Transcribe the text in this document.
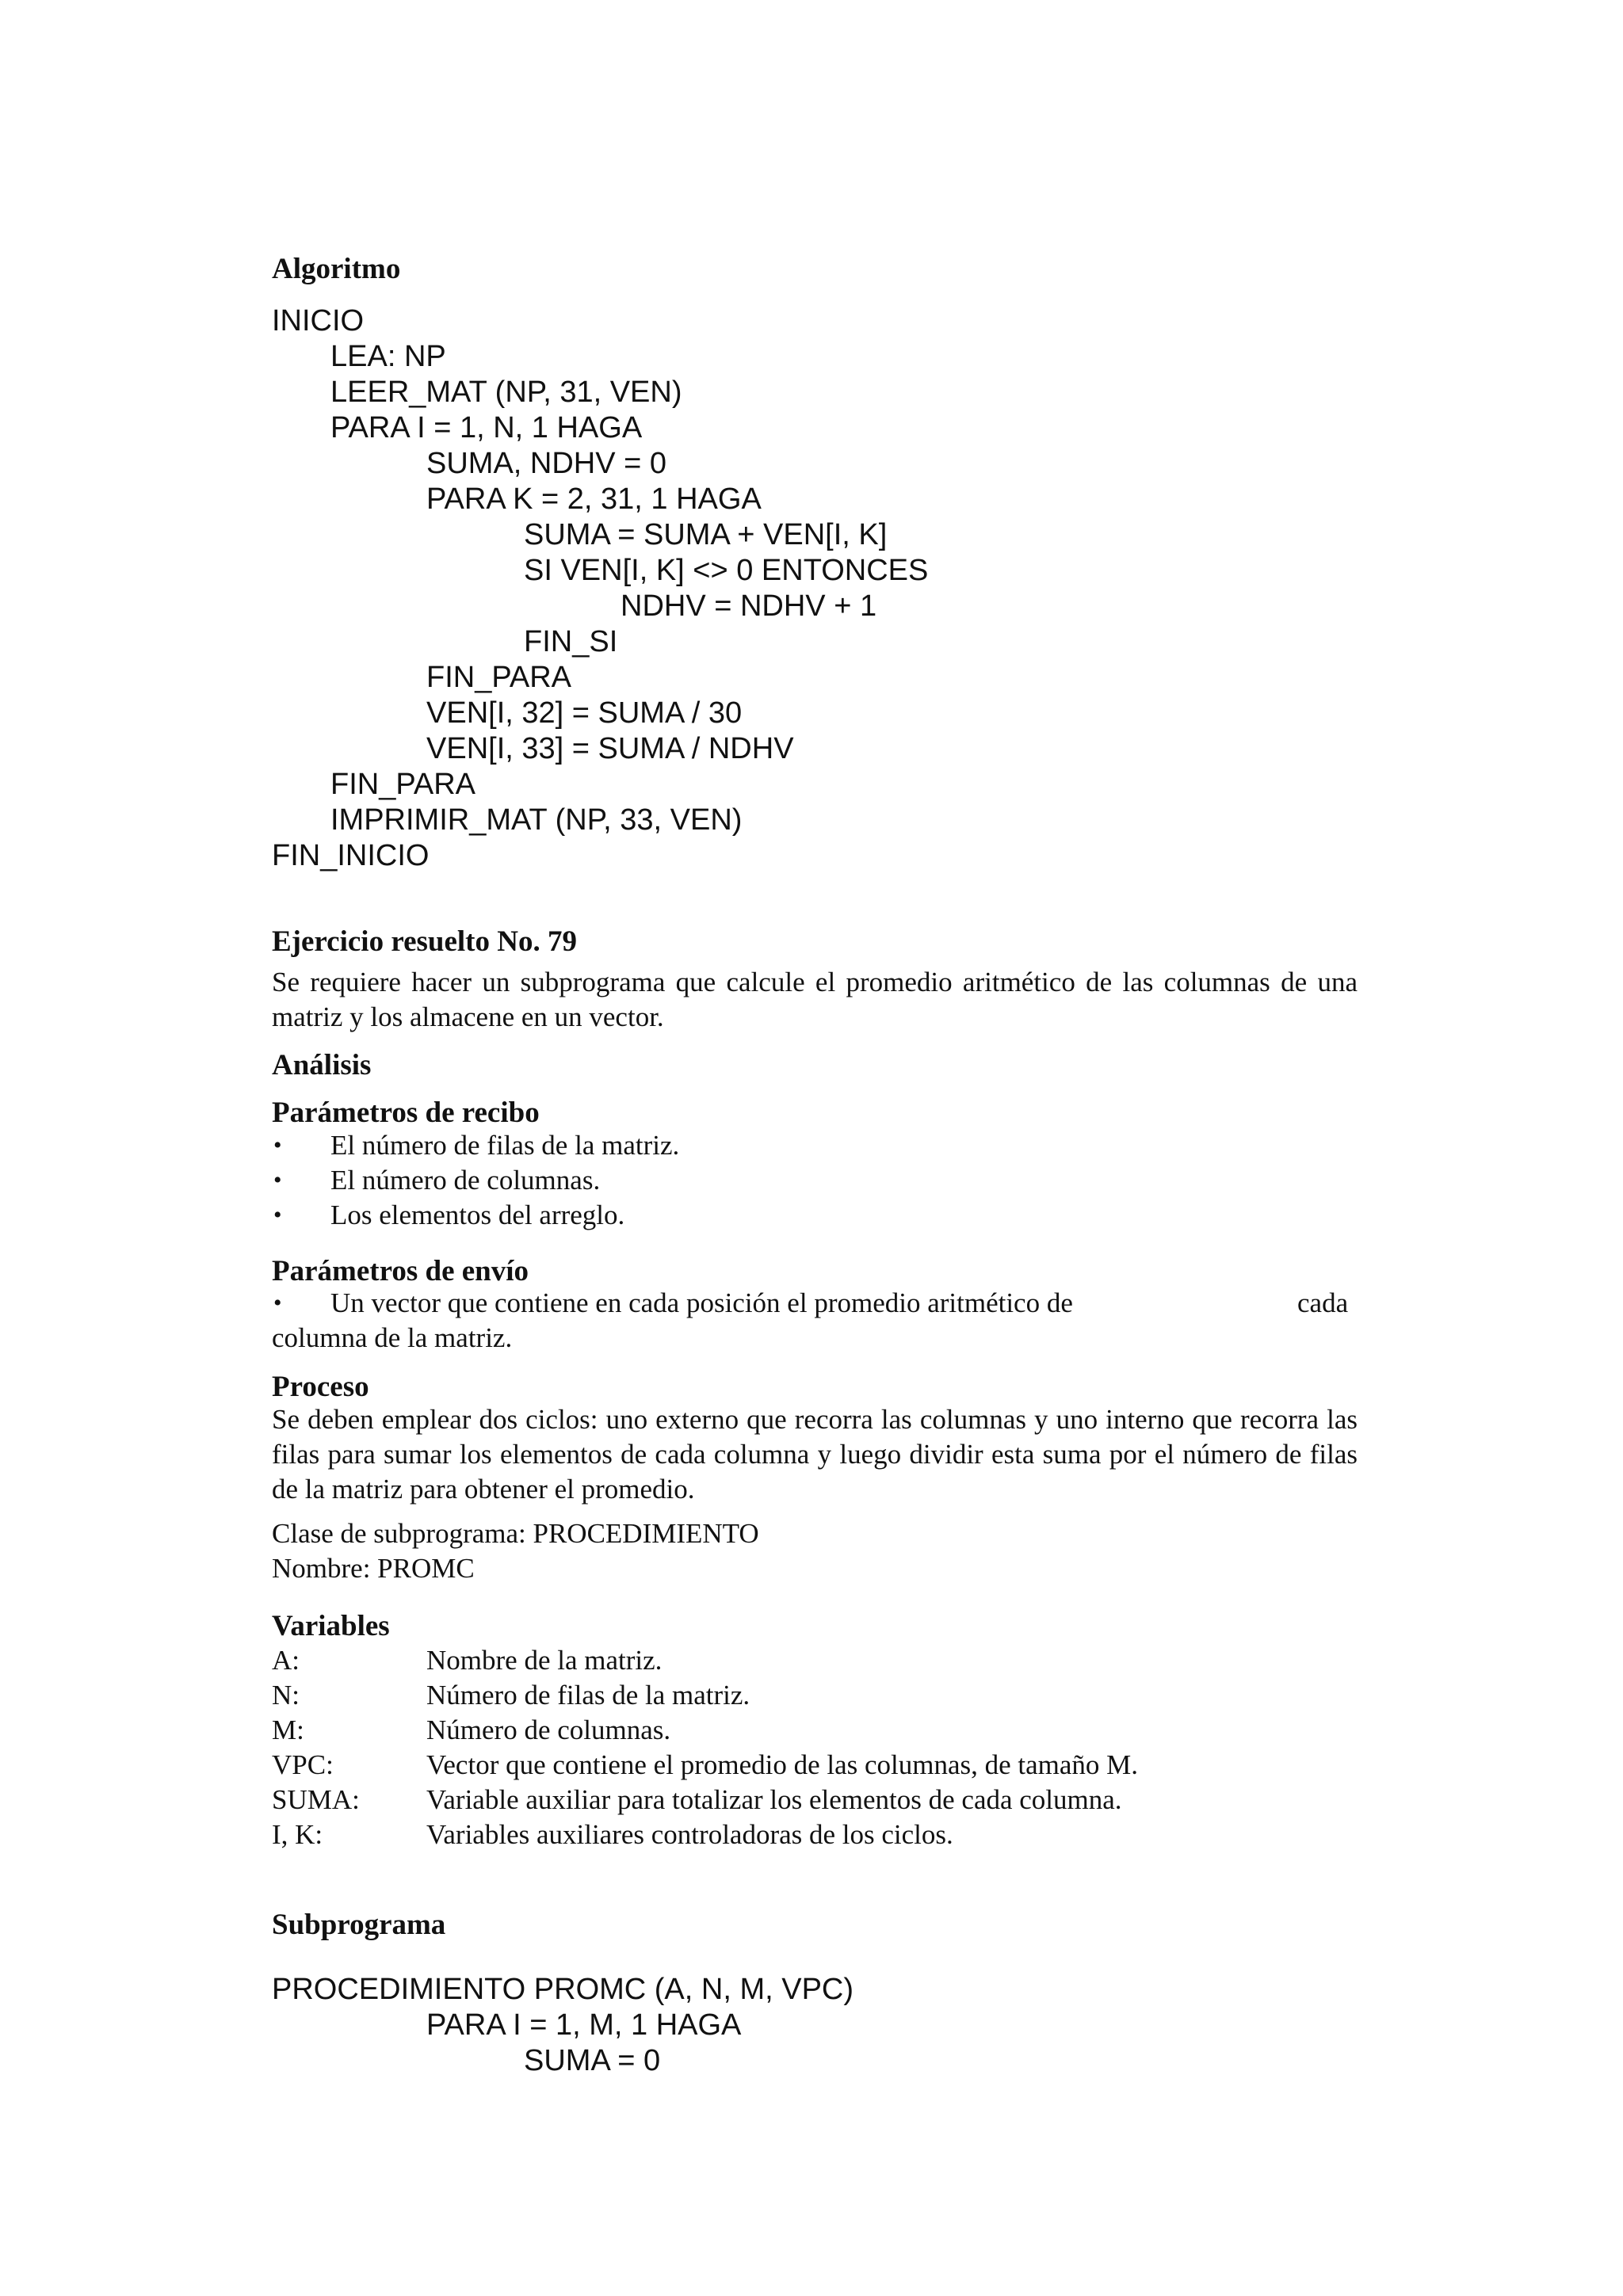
Algoritmo
INICIO
LEA: NP
LEER_MAT (NP, 31, VEN)
PARA I = 1, N, 1 HAGA
SUMA, NDHV = 0
PARA K = 2, 31, 1 HAGA
SUMA = SUMA + VEN[I, K]
SI VEN[I, K] <> 0 ENTONCES
NDHV = NDHV + 1
FIN_SI
FIN_PARA
VEN[I, 32] = SUMA / 30
VEN[I, 33] = SUMA / NDHV
FIN_PARA
IMPRIMIR_MAT (NP, 33, VEN)
FIN_INICIO
Ejercicio resuelto No. 79
Se requiere hacer un subprograma que calcule el promedio aritmético de las columnas de una matriz y los almacene en un vector.
Análisis
Parámetros de recibo
• El número de filas de la matriz.
• El número de columnas.
• Los elementos del arreglo.
Parámetros de envío
• Un vector que contiene en cada posición el promedio aritmético de	cada
columna de la matriz.
Proceso
Se deben emplear dos ciclos: uno externo que recorra las columnas y uno interno que recorra las filas para sumar los elementos de cada columna y luego dividir esta suma por el número de filas de la matriz para obtener el promedio.
Clase de subprograma: PROCEDIMIENTO
Nombre: PROMC
Variables
A:	Nombre de la matriz.
N:	Número de filas de la matriz.
M:	Número de columnas.
VPC:	Vector que contiene el promedio de las columnas, de tamaño M.
SUMA: Variable auxiliar para totalizar los elementos de cada columna.
I, K:	Variables auxiliares controladoras de los ciclos.
Subprograma
PROCEDIMIENTO PROMC (A, N, M, VPC)
PARA I = 1, M, 1 HAGA
SUMA = 0
